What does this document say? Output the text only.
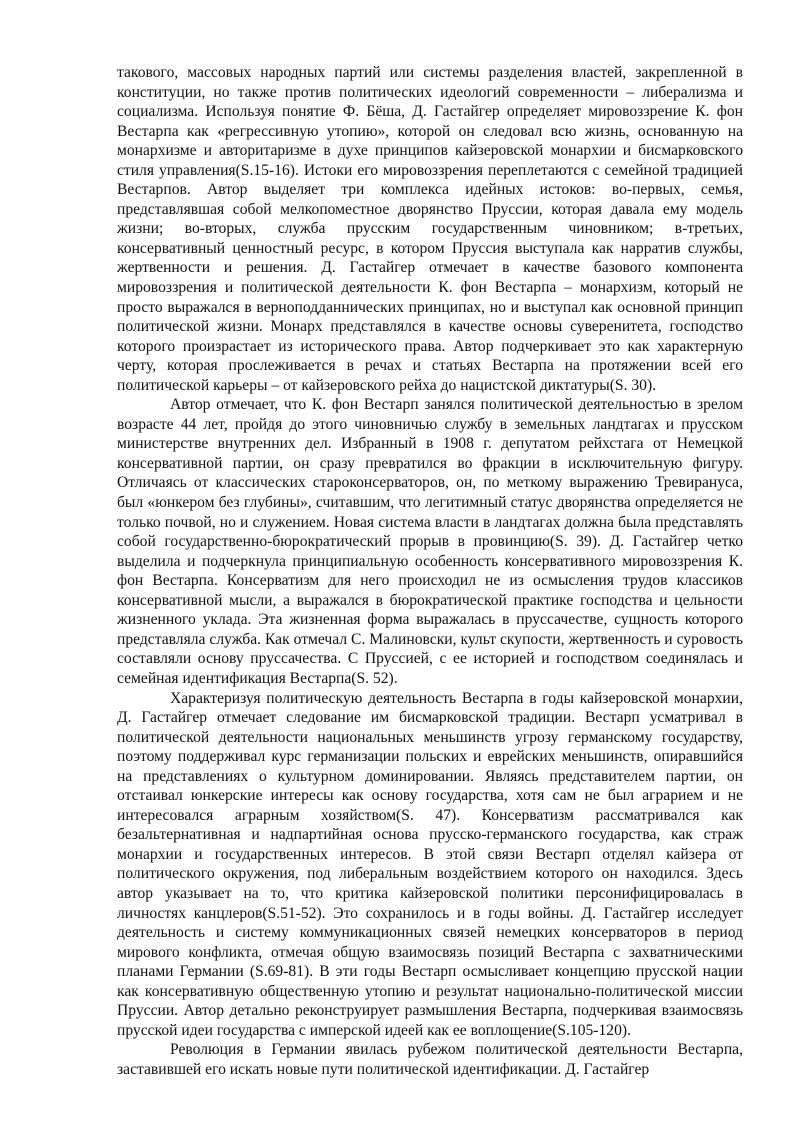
такового, массовых народных партий или системы разделения властей, закрепленной в конституции, но также против политических идеологий современности – либерализма и социализма. Используя понятие Ф. Бёша, Д. Гастайгер определяет мировоззрение К. фон Вестарпа как «регрессивную утопию», которой он следовал всю жизнь, основанную на монархизме и авторитаризме в духе принципов кайзеровской монархии и бисмарковского стиля управления(S.15-16). Истоки его мировоззрения переплетаются с семейной традицией Вестарпов. Автор выделяет три комплекса идейных истоков: во-первых, семья, представлявшая собой мелкопоместное дворянство Пруссии, которая давала ему модель жизни; во-вторых, служба прусским государственным чиновником; в-третьих, консервативный ценностный ресурс, в котором Пруссия выступала как нарратив службы, жертвенности и решения. Д. Гастайгер отмечает в качестве базового компонента мировоззрения и политической деятельности К. фон Вестарпа – монархизм, который не просто выражался в верноподданнических принципах, но и выступал как основной принцип политической жизни. Монарх представлялся в качестве основы суверенитета, господство которого произрастает из исторического права. Автор подчеркивает это как характерную черту, которая прослеживается в речах и статьях Вестарпа на протяжении всей его политической карьеры – от кайзеровского рейха до нацистской диктатуры(S. 30).

Автор отмечает, что К. фон Вестарп занялся политической деятельностью в зрелом возрасте 44 лет, пройдя до этого чиновничью службу в земельных ландтагах и прусском министерстве внутренних дел. Избранный в 1908 г. депутатом рейхстага от Немецкой консервативной партии, он сразу превратился во фракции в исключительную фигуру. Отличаясь от классических староконсерваторов, он, по меткому выражению Тревирануса, был «юнкером без глубины», считавшим, что легитимный статус дворянства определяется не только почвой, но и служением. Новая система власти в ландтагах должна была представлять собой государственно-бюрократический прорыв в провинцию(S. 39). Д. Гастайгер четко выделила и подчеркнула принципиальную особенность консервативного мировоззрения К. фон Вестарпа. Консерватизм для него происходил не из осмысления трудов классиков консервативной мысли, а выражался в бюрократической практике господства и цельности жизненного уклада. Эта жизненная форма выражалась в пруссачестве, сущность которого представляла служба. Как отмечал С. Малиновски, культ скупости, жертвенность и суровость составляли основу пруссачества. С Пруссией, с ее историей и господством соединялась и семейная идентификация Вестарпа(S. 52).

Характеризуя политическую деятельность Вестарпа в годы кайзеровской монархии, Д. Гастайгер отмечает следование им бисмарковской традиции. Вестарп усматривал в политической деятельности национальных меньшинств угрозу германскому государству, поэтому поддерживал курс германизации польских и еврейских меньшинств, опиравшийся на представлениях о культурном доминировании. Являясь представителем партии, он отстаивал юнкерские интересы как основу государства, хотя сам не был аграрием и не интересовался аграрным хозяйством(S. 47). Консерватизм рассматривался как безальтернативная и надпартийная основа прусско-германского государства, как страж монархии и государственных интересов. В этой связи Вестарп отделял кайзера от политического окружения, под либеральным воздействием которого он находился. Здесь автор указывает на то, что критика кайзеровской политики персонифицировалась в личностях канцлеров(S.51-52). Это сохранилось и в годы войны. Д. Гастайгер исследует деятельность и систему коммуникационных связей немецких консерваторов в период мирового конфликта, отмечая общую взаимосвязь позиций Вестарпа с захватническими планами Германии (S.69-81). В эти годы Вестарп осмысливает концепцию прусской нации как консервативную общественную утопию и результат национально-политической миссии Пруссии. Автор детально реконструирует размышления Вестарпа, подчеркивая взаимосвязь прусской идеи государства с имперской идеей как ее воплощение(S.105-120).

Революция в Германии явилась рубежом политической деятельности Вестарпа, заставившей его искать новые пути политической идентификации. Д. Гастайгер
